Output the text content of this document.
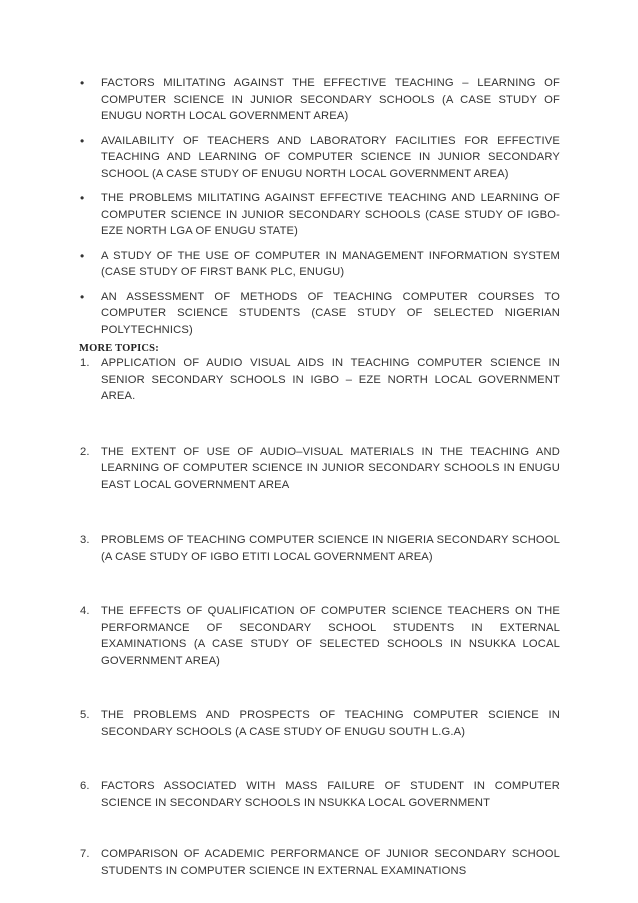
• FACTORS MILITATING AGAINST THE EFFECTIVE TEACHING – LEARNING OF COMPUTER SCIENCE IN JUNIOR SECONDARY SCHOOLS (A CASE STUDY OF ENUGU NORTH LOCAL GOVERNMENT AREA)
• AVAILABILITY OF TEACHERS AND LABORATORY FACILITIES FOR EFFECTIVE TEACHING AND LEARNING OF COMPUTER SCIENCE IN JUNIOR SECONDARY SCHOOL (A CASE STUDY OF ENUGU NORTH LOCAL GOVERNMENT AREA)
• THE PROBLEMS MILITATING AGAINST EFFECTIVE TEACHING AND LEARNING OF COMPUTER SCIENCE IN JUNIOR SECONDARY SCHOOLS (CASE STUDY OF IGBO-EZE NORTH LGA OF ENUGU STATE)
• A STUDY OF THE USE OF COMPUTER IN MANAGEMENT INFORMATION SYSTEM (CASE STUDY OF FIRST BANK PLC, ENUGU)
• AN ASSESSMENT OF METHODS OF TEACHING COMPUTER COURSES TO COMPUTER SCIENCE STUDENTS (CASE STUDY OF SELECTED NIGERIAN POLYTECHNICS)
MORE TOPICS:
1. APPLICATION OF AUDIO VISUAL AIDS IN TEACHING COMPUTER SCIENCE IN SENIOR SECONDARY SCHOOLS IN IGBO – EZE NORTH LOCAL GOVERNMENT AREA.
2. THE EXTENT OF USE OF AUDIO–VISUAL MATERIALS IN THE TEACHING AND LEARNING OF COMPUTER SCIENCE IN JUNIOR SECONDARY SCHOOLS IN ENUGU EAST LOCAL GOVERNMENT AREA
3. PROBLEMS OF TEACHING COMPUTER SCIENCE IN NIGERIA SECONDARY SCHOOL (A CASE STUDY OF IGBO ETITI LOCAL GOVERNMENT AREA)
4. THE EFFECTS OF QUALIFICATION OF COMPUTER SCIENCE TEACHERS ON THE PERFORMANCE OF SECONDARY SCHOOL STUDENTS IN EXTERNAL EXAMINATIONS (A CASE STUDY OF SELECTED SCHOOLS IN NSUKKA LOCAL GOVERNMENT AREA)
5. THE PROBLEMS AND PROSPECTS OF TEACHING COMPUTER SCIENCE IN SECONDARY SCHOOLS (A CASE STUDY OF ENUGU SOUTH L.G.A)
6. FACTORS ASSOCIATED WITH MASS FAILURE OF STUDENT IN COMPUTER SCIENCE IN SECONDARY SCHOOLS IN NSUKKA LOCAL GOVERNMENT
7. COMPARISON OF ACADEMIC PERFORMANCE OF JUNIOR SECONDARY SCHOOL STUDENTS IN COMPUTER SCIENCE IN EXTERNAL EXAMINATIONS
